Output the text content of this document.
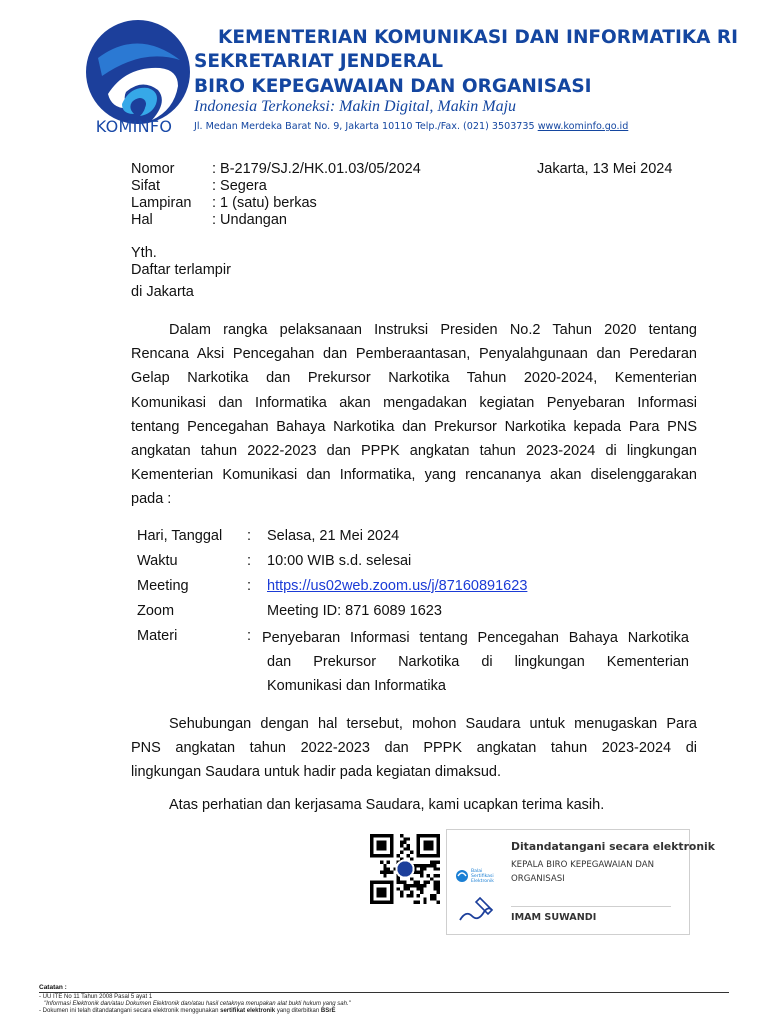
KOMINFO
KEMENTERIAN KOMUNIKASI DAN INFORMATIKA RI
SEKRETARIAT JENDERAL
BIRO KEPEGAWAIAN DAN ORGANISASI
Indonesia Terkoneksi: Makin Digital, Makin Maju
Jl. Medan Merdeka Barat No. 9, Jakarta 10110 Telp./Fax. (021) 3503735 www.kominfo.go.id
Nomor	: B-2179/SJ.2/HK.01.03/05/2024	Jakarta, 13 Mei 2024
Sifat	: Segera
Lampiran : 1 (satu) berkas
Hal	: Undangan
Yth.
Daftar terlampir
di Jakarta
Dalam rangka pelaksanaan Instruksi Presiden No.2 Tahun 2020 tentang
Rencana Aksi Pencegahan dan Pemberaantasan, Penyalahgunaan dan Peredaran
Gelap Narkotika dan Prekursor Narkotika Tahun 2020-2024, Kementerian
Komunikasi dan Informatika akan mengadakan kegiatan Penyebaran Informasi
tentang Pencegahan Bahaya Narkotika dan Prekursor Narkotika kepada Para PNS
angkatan tahun 2022-2023 dan PPPK angkatan tahun 2023-2024 di lingkungan
Kementerian Komunikasi dan Informatika, yang rencananya akan diselenggarakan
pada :
Hari, Tanggal : Selasa, 21 Mei 2024
Waktu	: 10:00 WIB s.d. selesai
Meeting	: https://us02web.zoom.us/j/87160891623
Zoom	Meeting ID: 871 6089 1623
Materi	: Penyebaran Informasi tentang Pencegahan Bahaya Narkotika
dan Prekursor Narkotika di lingkungan Kementerian
Komunikasi dan Informatika
Sehubungan dengan hal tersebut, mohon Saudara untuk menugaskan Para
PNS angkatan tahun 2022-2023 dan PPPK angkatan tahun 2023-2024 di
lingkungan Saudara untuk hadir pada kegiatan dimaksud.
Atas perhatian dan kerjasama Saudara, kami ucapkan terima kasih.
Balai
Sertifikasi
Elektronik
Ditandatangani secara elektronik
KEPALA BIRO KEPEGAWAIAN DAN ORGANISASI
IMAM SUWANDI
Catatan :
- UU ITE No 11 Tahun 2008 Pasal 5 ayat 1
"Informasi Elektronik dan/atau Dokumen Elektronik dan/atau hasil cetaknya merupakan alat bukti hukum yang sah."
- Dokumen ini telah ditandatangani secara elektronik menggunakan sertifikat elektronik yang diterbitkan BSrE
